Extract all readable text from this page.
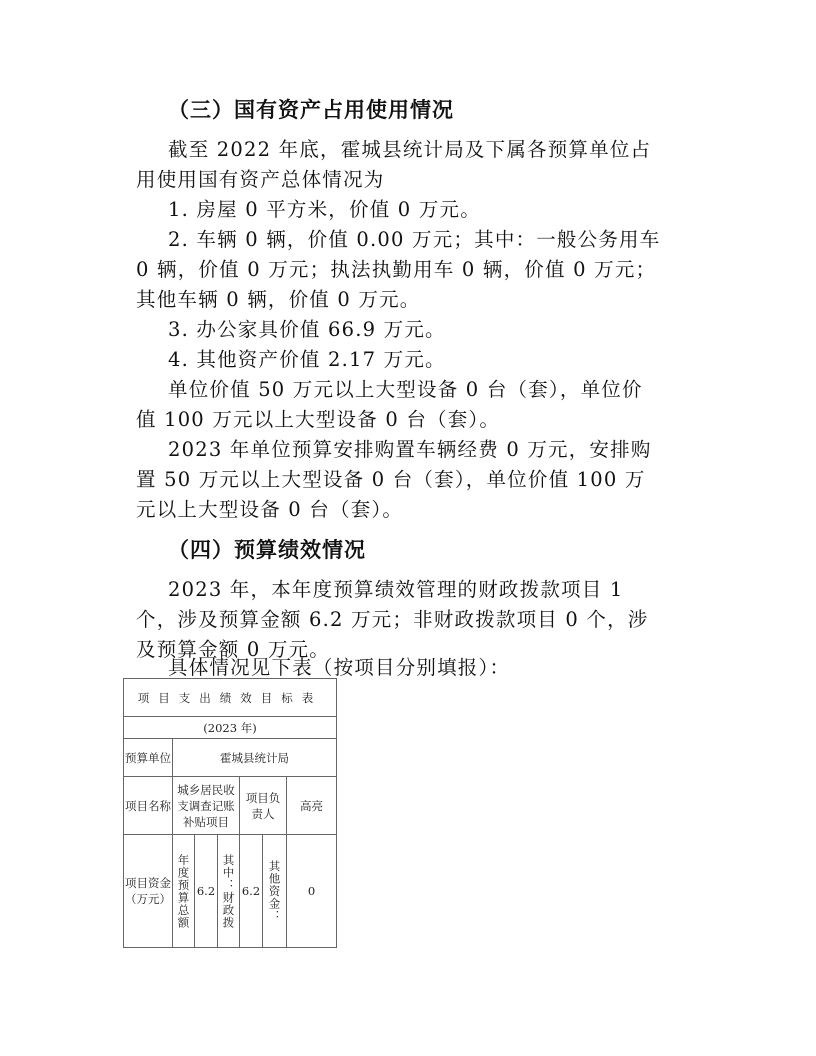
（三）国有资产占用使用情况
截至 2022 年底，霍城县统计局及下属各预算单位占
用使用国有资产总体情况为
1. 房屋 0 平方米，价值 0 万元。
2. 车辆 0 辆，价值 0.00 万元；其中：一般公务用车
0 辆，价值 0 万元；执法执勤用车 0 辆，价值 0 万元；
其他车辆 0 辆，价值 0 万元。
3. 办公家具价值 66.9 万元。
4. 其他资产价值 2.17 万元。
单位价值 50 万元以上大型设备 0 台（套），单位价
值 100 万元以上大型设备 0 台（套）。
2023 年单位预算安排购置车辆经费 0 万元，安排购
置 50 万元以上大型设备 0 台（套），单位价值 100 万
元以上大型设备 0 台（套）。
（四）预算绩效情况
2023 年，本年度预算绩效管理的财政拨款项目 1
个，涉及预算金额 6.2 万元；非财政拨款项目 0 个，涉
及预算金额 0 万元。
具体情况见下表（按项目分别填报）：
项目支出绩效目标表						
(2023 年)						
预算单位	霍城县统计局					
项目名称	城乡居民收支调查记账补贴项目			项目负责人		高亮
项目资金（万元）	年度预算总额	6.2	其中：财政拨	6.2	其他资金：	0
